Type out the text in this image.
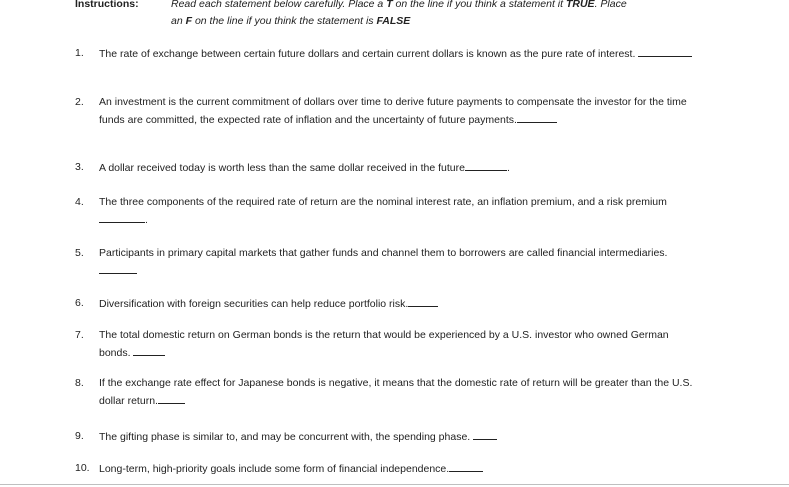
Instructions:	Read each statement below carefully. Place a T on the line if you think a statement it TRUE. Place
an F on the line if you think the statement is FALSE
1.	The rate of exchange between certain future dollars and certain current dollars is known as the pure rate of interest.
2.	An investment is the current commitment of dollars over time to derive future payments to compensate the investor for the time funds are committed, the expected rate of inflation and the uncertainty of future payments.
3.	A dollar received today is worth less than the same dollar received in the future	.
4.	The three components of the required rate of return are the nominal interest rate, an inflation premium, and a risk premium.
5.	Participants in primary capital markets that gather funds and channel them to borrowers are called financial intermediaries.
6.	Diversification with foreign securities can help reduce portfolio risk.
7.	The total domestic return on German bonds is the return that would be experienced by a U.S. investor who owned German bonds.
8.	If the exchange rate effect for Japanese bonds is negative, it means that the domestic rate of return will be greater than the U.S. dollar return.
9.	The gifting phase is similar to, and may be concurrent with, the spending phase.
10. Long-term, high-priority goals include some form of financial independence.
